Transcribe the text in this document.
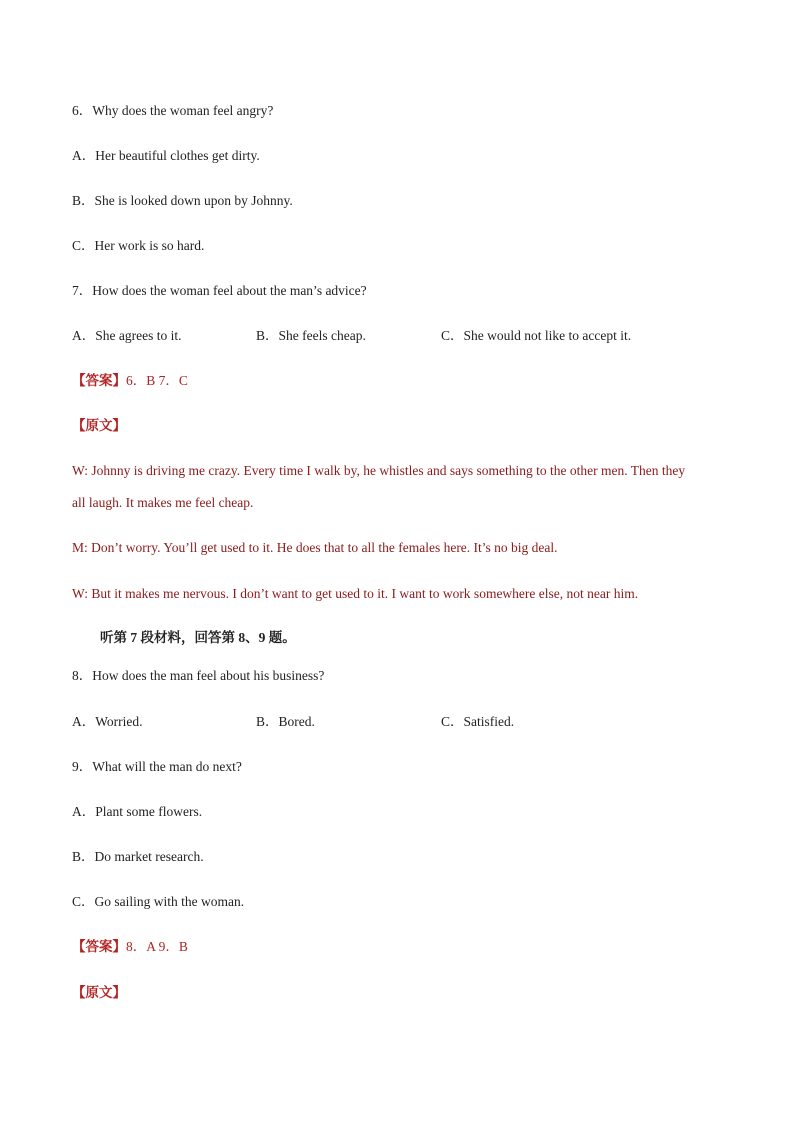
6．Why does the woman feel angry?
A．Her beautiful clothes get dirty.
B．She is looked down upon by Johnny.
C．Her work is so hard.
7．How does the woman feel about the man’s advice?
A．She agrees to it.	B．She feels cheap.	C．She would not like to accept it.
【答案】6．B 7．C
【原文】
W: Johnny is driving me crazy. Every time I walk by, he whistles and says something to the other men. Then they
all laugh. It makes me feel cheap.
M: Don’t worry. You’ll get used to it. He does that to all the females here. It’s no big deal.
W: But it makes me nervous. I don’t want to get used to it. I want to work somewhere else, not near him.
听第 7 段材料，回答第 8、9 题。
8．How does the man feel about his business?
A．Worried.	B．Bored.	C．Satisfied.
9．What will the man do next?
A．Plant some flowers.
B．Do market research.
C．Go sailing with the woman.
【答案】8．A 9．B
【原文】
